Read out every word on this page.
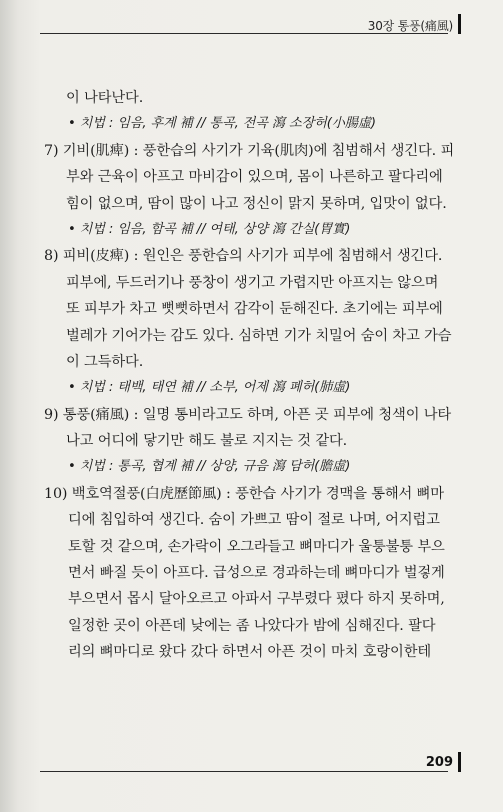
30장 통풍(痛風)
이 나타난다.
• 치법 : 임음, 후계 補 // 통곡, 전곡 瀉 소장허(小腸虛)
7) 기비(肌痺) : 풍한습의 사기가 기육(肌肉)에 침범해서 생긴다. 피
부와 근육이 아프고 마비감이 있으며, 몸이 나른하고 팔다리에
힘이 없으며, 땀이 많이 나고 정신이 맑지 못하며, 입맛이 없다.
• 치법 : 임음, 함곡 補 // 여태, 상양 瀉 간실(胃實)
8) 피비(皮痺) : 원인은 풍한습의 사기가 피부에 침범해서 생긴다.
피부에, 두드러기나 풍창이 생기고 가렵지만 아프지는 않으며
또 피부가 차고 뻣뻣하면서 감각이 둔해진다. 초기에는 피부에
벌레가 기어가는 감도 있다. 심하면 기가 치밀어 숨이 차고 가슴
이 그득하다.
• 치법 : 태백, 태연 補 // 소부, 어제 瀉 폐허(肺虛)
9) 통풍(痛風) : 일명 통비라고도 하며, 아픈 곳 피부에 청색이 나타
나고 어디에 닿기만 해도 불로 지지는 것 같다.
• 치법 : 통곡, 협계 補 // 상양, 규음 瀉 담허(膽虛)
10) 백호역절풍(白虎歷節風) : 풍한습 사기가 경맥을 통해서 뼈마
디에 침입하여 생긴다. 숨이 가쁘고 땀이 절로 나며, 어지럽고
토할 것 같으며, 손가락이 오그라들고 뼈마디가 울퉁불퉁 부으
면서 빠질 듯이 아프다. 급성으로 경과하는데 뼈마디가 벌겋게
부으면서 몹시 달아오르고 아파서 구부렸다 폈다 하지 못하며,
일정한 곳이 아픈데 낮에는 좀 나았다가 밤에 심해진다. 팔다
리의 뼈마디로 왔다 갔다 하면서 아픈 것이 마치 호랑이한테
209
